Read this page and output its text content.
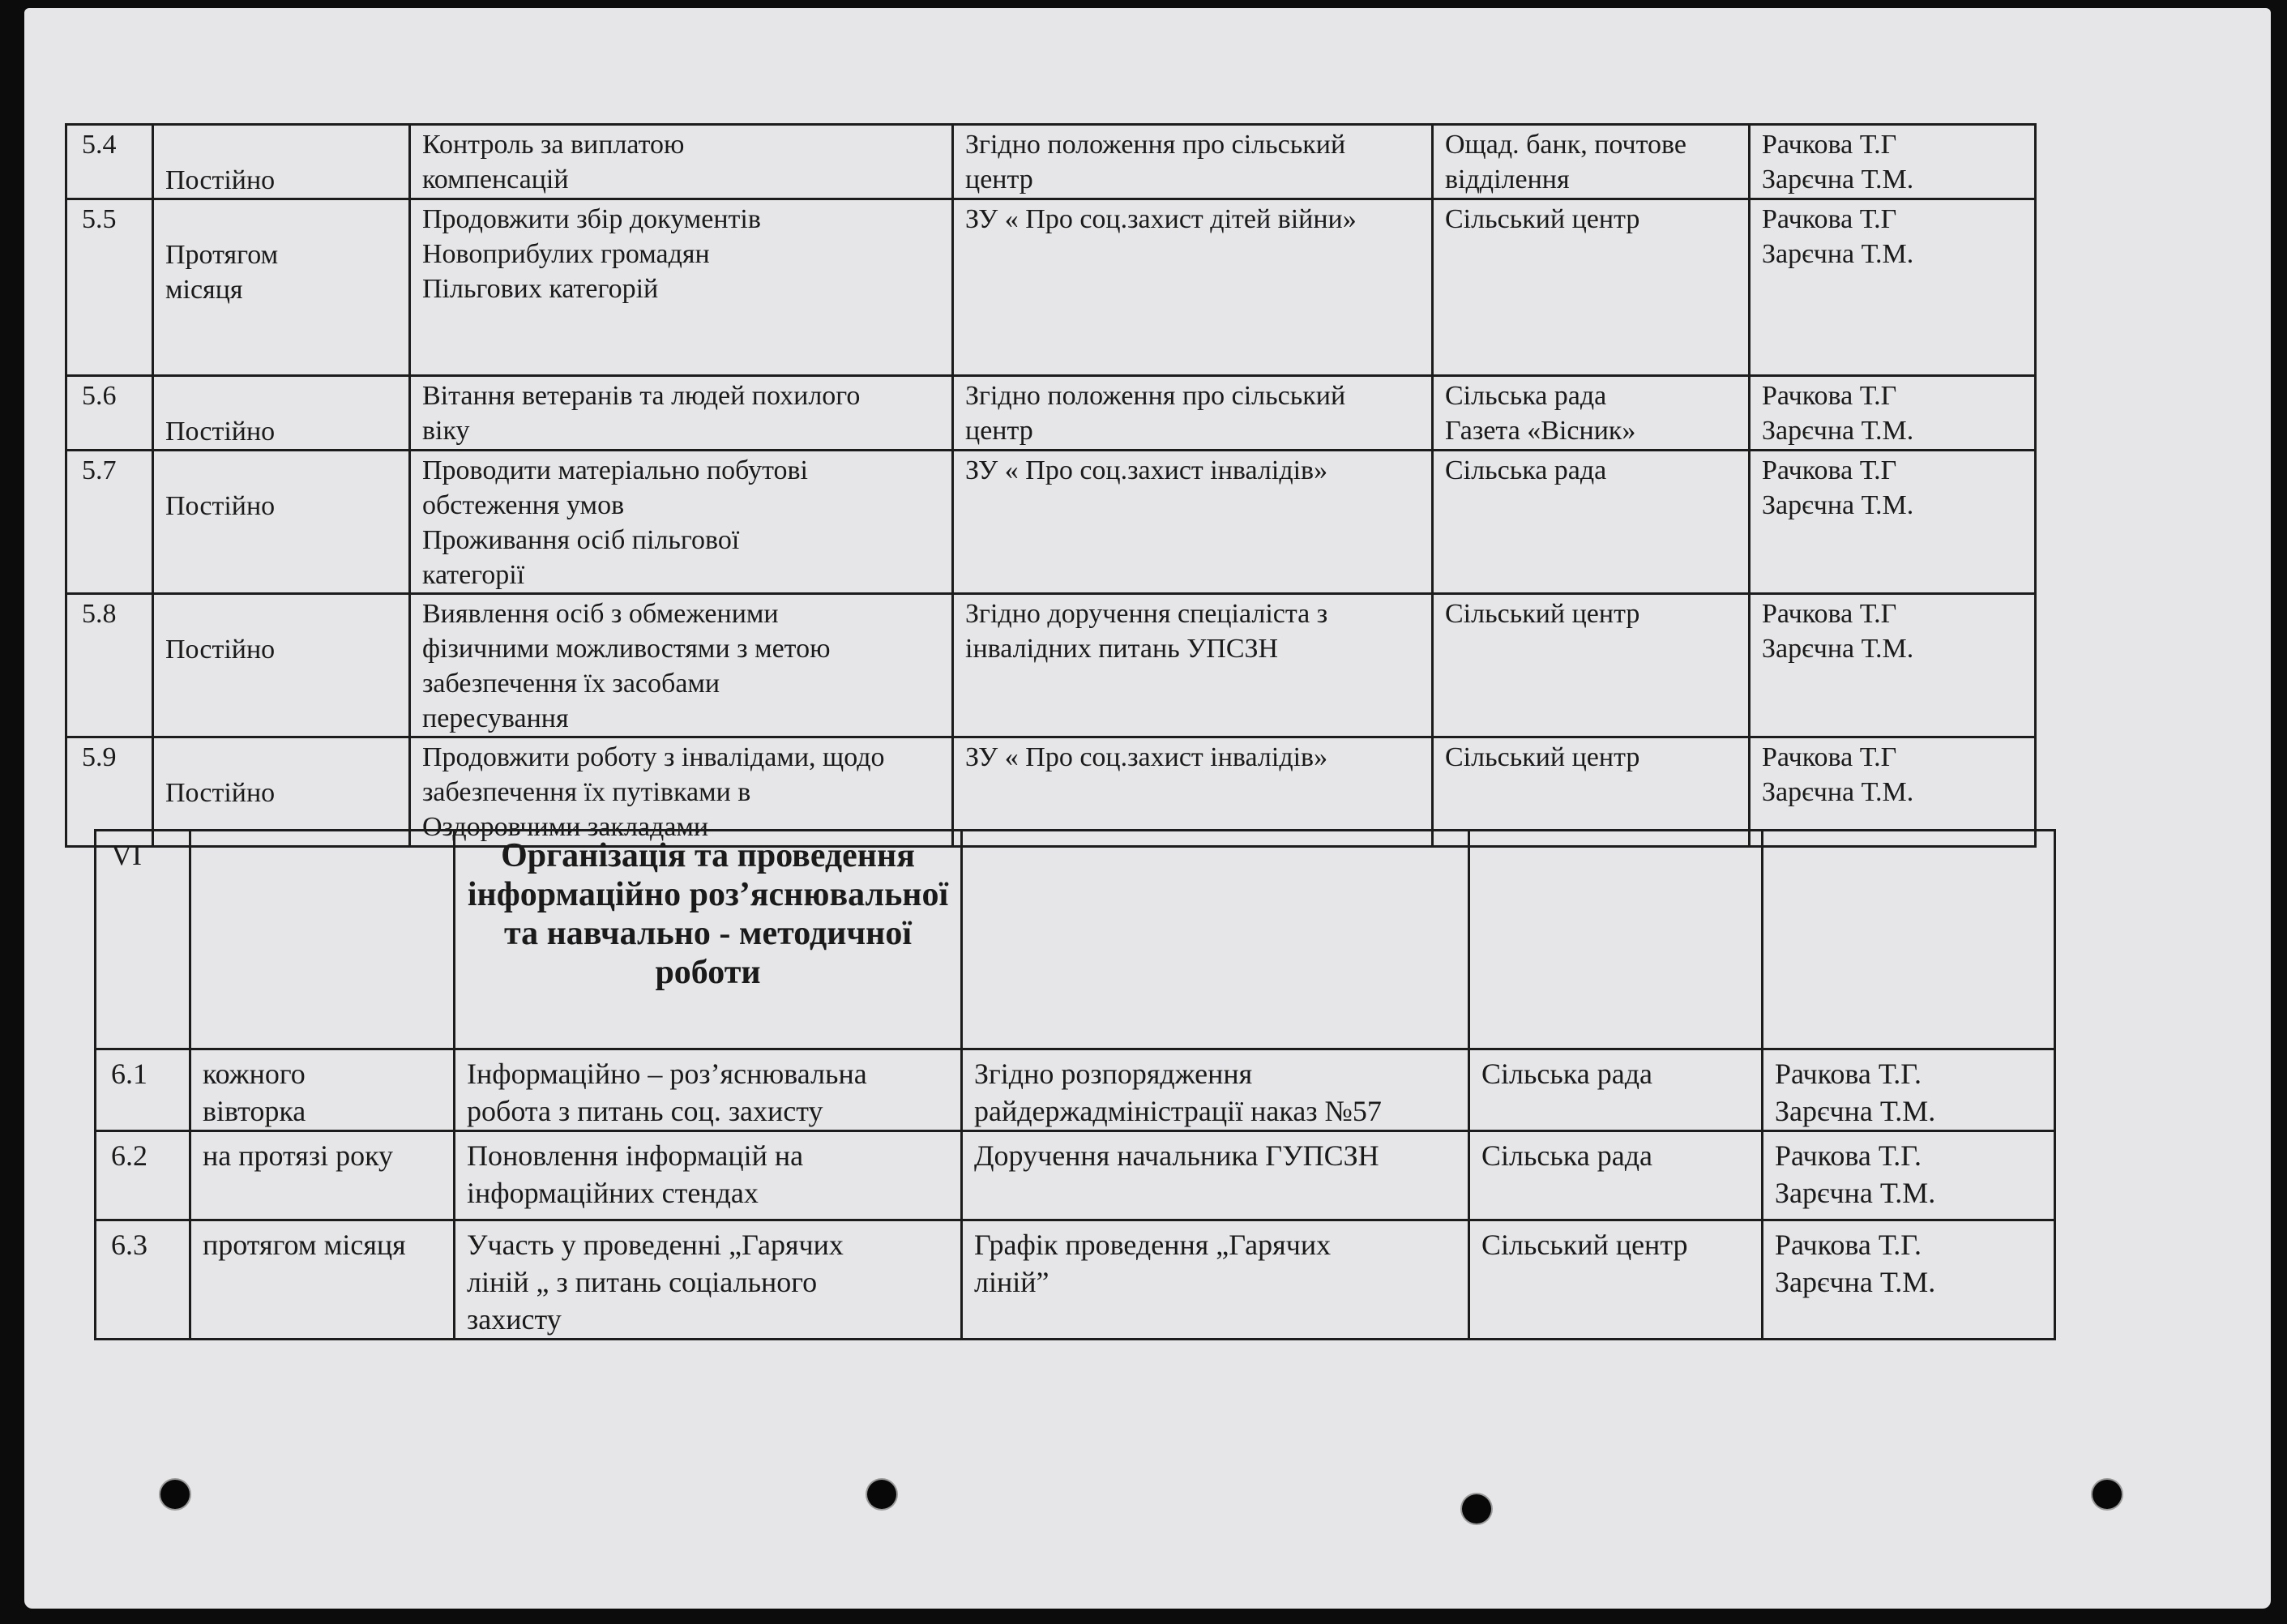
5.4	Постійно	Контроль за виплатою
компенсацій	Згідно положення про сільський
центр	Ощад. банк, почтове
відділення	Рачкова Т.Г
Зарєчна Т.М.
5.5	Протягом
місяця	Продовжити збір документів
Новоприбулих громадян
Пільгових категорій	ЗУ « Про соц.захист дітей війни»	Сільський центр	Рачкова Т.Г
Зарєчна Т.М.
5.6	Постійно	Вітання ветеранів та людей похилого
віку	Згідно положення про сільський
центр	Сільська рада
Газета «Вісник»	Рачкова Т.Г
Зарєчна Т.М.
5.7	Постійно	Проводити матеріально побутові
обстеження умов
Проживання осіб пільгової
категорії	ЗУ « Про соц.захист інвалідів»	Сільська рада	Рачкова Т.Г
Зарєчна Т.М.
5.8	Постійно	Виявлення осіб з обмеженими
фізичними можливостями з метою
забезпечення їх засобами
пересування	Згідно доручення спеціаліста з
інвалідних питань УПСЗН	Сільський центр	Рачкова Т.Г
Зарєчна Т.М.
5.9	Постійно	Продовжити роботу з інвалідами, щодо
забезпечення їх путівками в
Оздоровчими закладами	ЗУ « Про соц.захист інвалідів»	Сільський центр	Рачкова Т.Г
Зарєчна Т.М.
VI		Організація та проведення інформаційно роз’яснювальної та навчально - методичної роботи			
6.1	кожного
вівторка	Інформаційно – роз’яснювальна
робота з питань соц. захисту	Згідно розпорядження
райдержадміністрації наказ №57	Сільська рада	Рачкова Т.Г.
Зарєчна Т.М.
6.2	на протязі року	Поновлення інформацій на
інформаційних стендах	Доручення начальника ГУПСЗН	Сільська рада	Рачкова Т.Г.
Зарєчна Т.М.
6.3	протягом місяця	Участь у проведенні „Гарячих
ліній „ з питань соціального
захисту	Графік проведення „Гарячих
ліній”	Сільський центр	Рачкова Т.Г.
Зарєчна Т.М.
